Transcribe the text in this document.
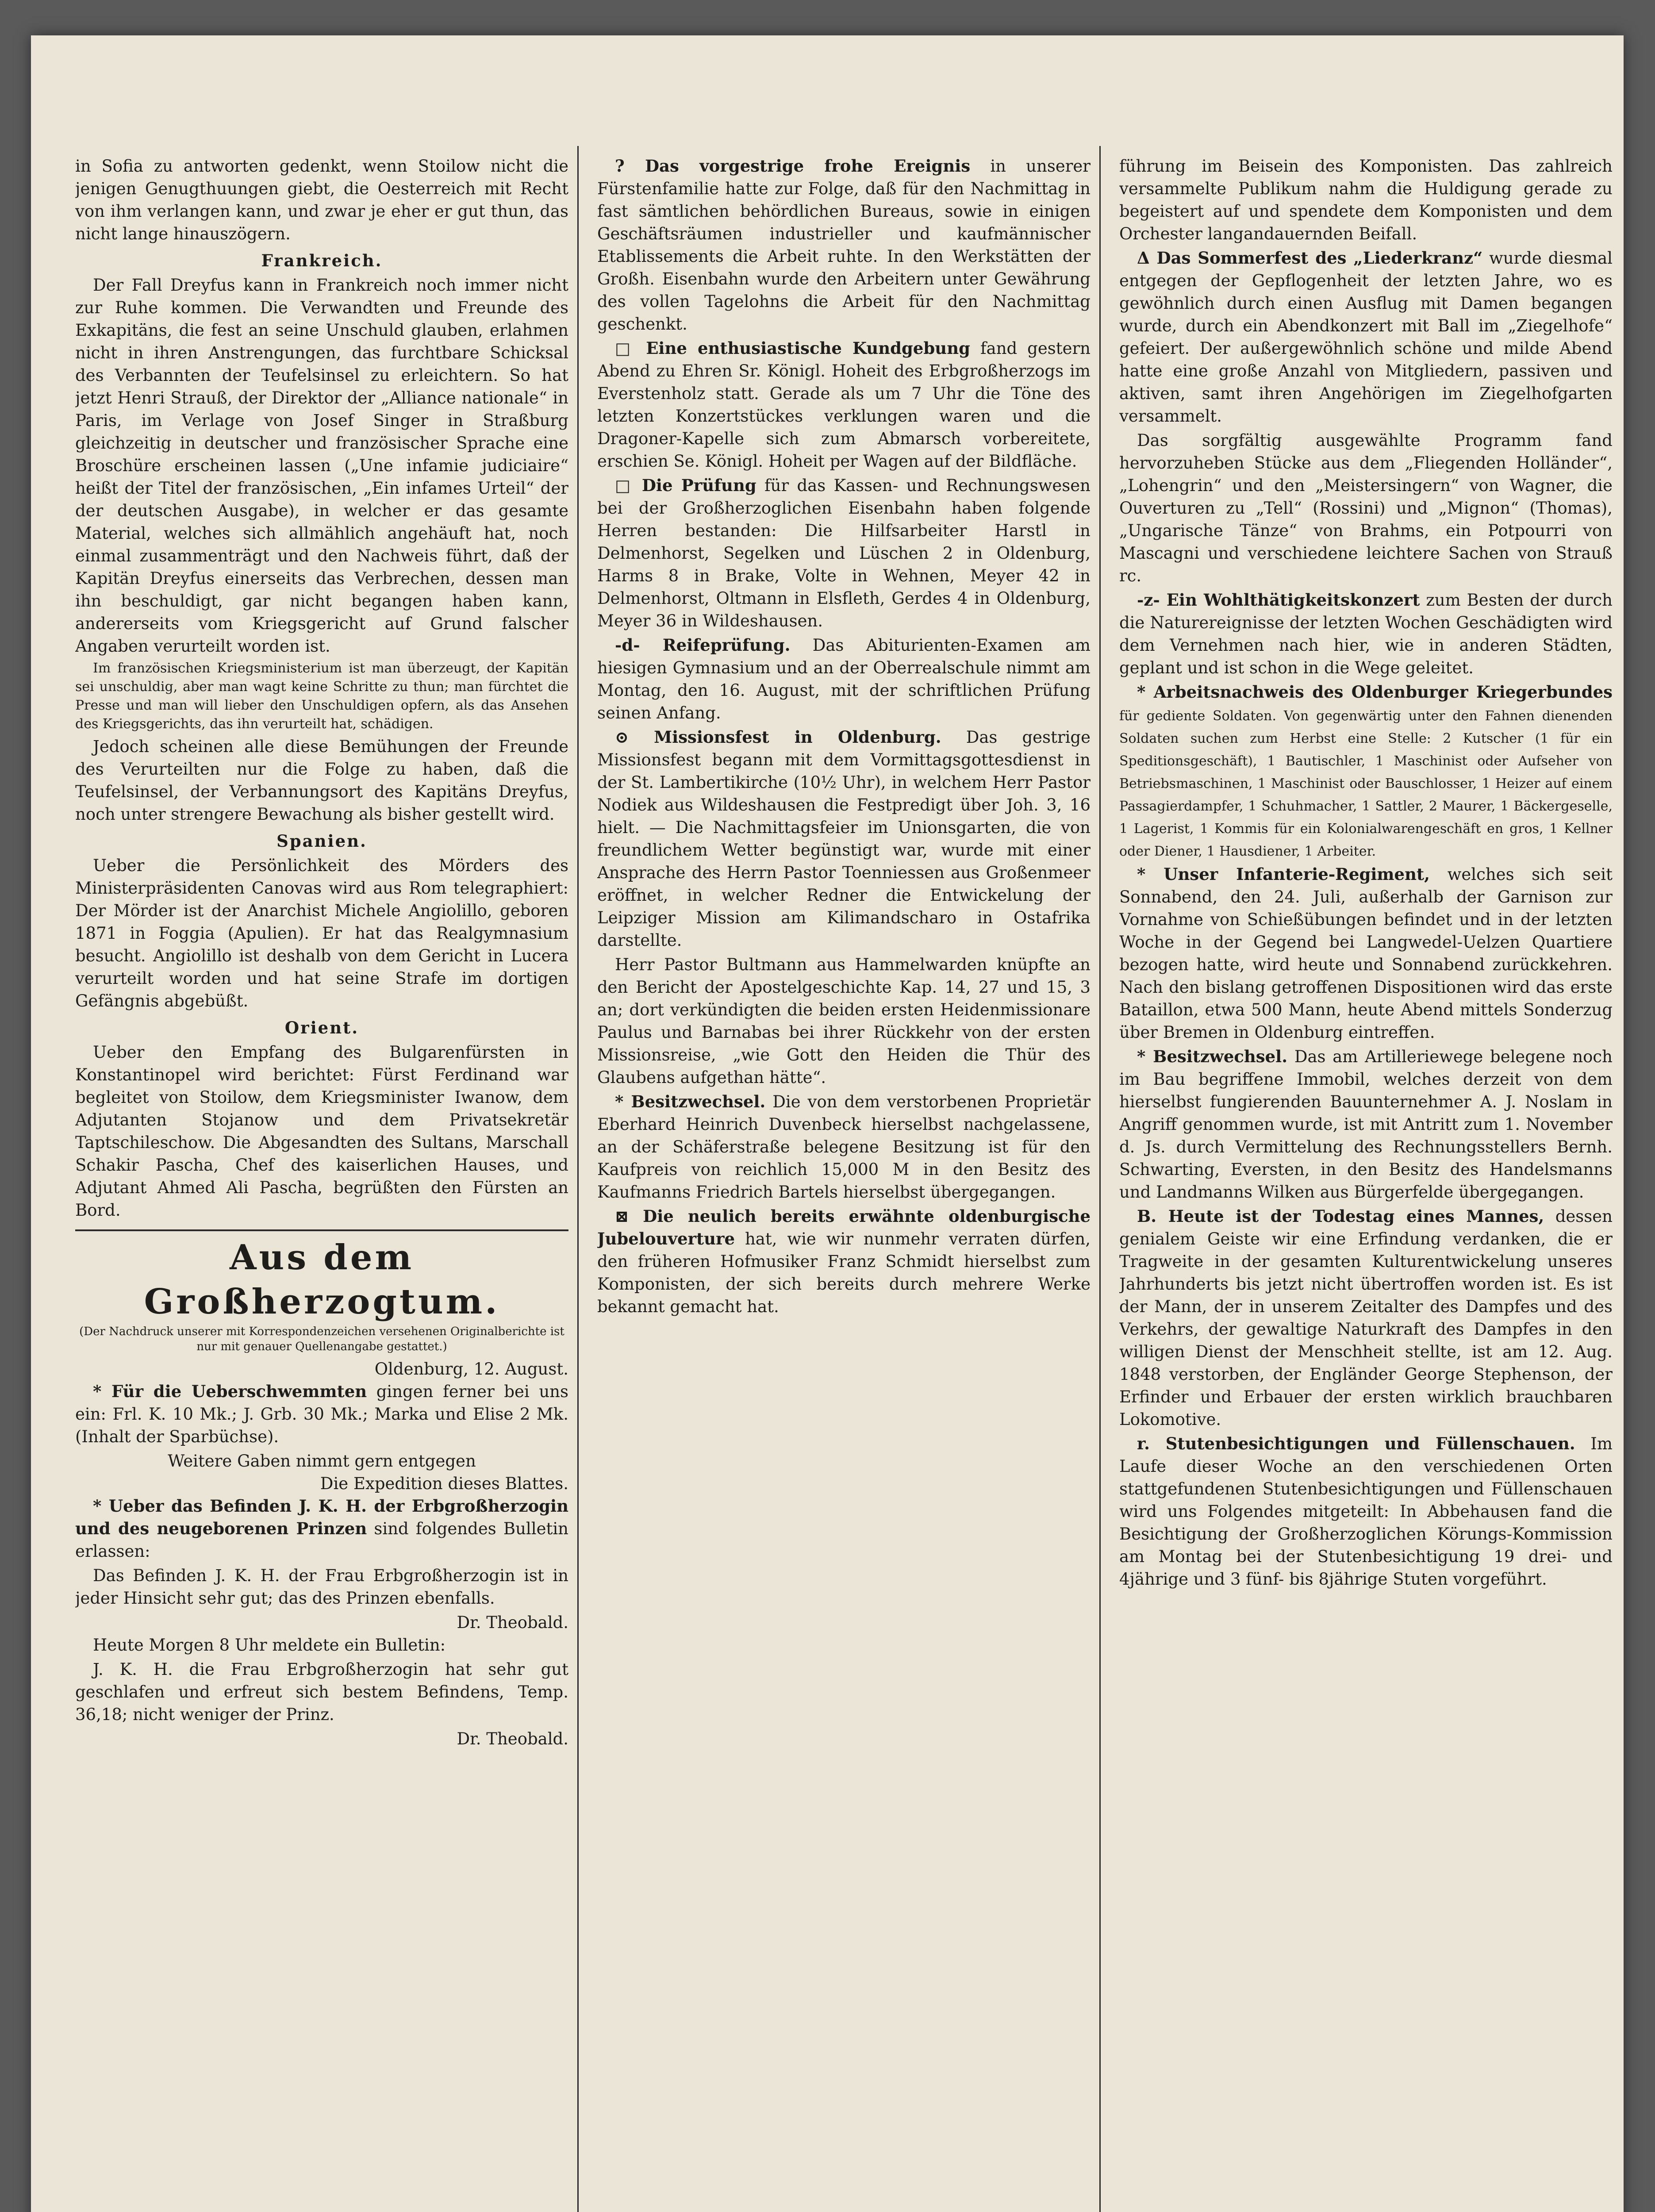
in Sofia zu antworten gedenkt, wenn Stoilow nicht die jenigen Genugthuungen giebt, die Oesterreich mit Recht von ihm verlangen kann, und zwar je eher er gut thun, das nicht lange hinauszögern.

Frankreich.

Der Fall Dreyfus kann in Frankreich noch immer nicht zur Ruhe kommen. Die Verwandten und Freunde des Exkapitäns, die fest an seine Unschuld glauben, erlahmen nicht in ihren Anstrengungen, das furchtbare Schicksal des Verbannten der Teufelsinsel zu erleichtern. So hat jetzt Henri Strauß, der Direktor der „Alliance nationale“ in Paris, im Verlage von Josef Singer in Straßburg gleichzeitig in deutscher und französischer Sprache eine Broschüre erscheinen lassen („Une infamie judiciaire“ heißt der Titel der französischen, „Ein infames Urteil“ der der deutschen Ausgabe), in welcher er das gesamte Material, welches sich allmählich angehäuft hat, noch einmal zusammenträgt und den Nachweis führt, daß der Kapitän Dreyfus einerseits das Verbrechen, dessen man ihn beschuldigt, gar nicht begangen haben kann, andererseits vom Kriegsgericht auf Grund falscher Angaben verurteilt worden ist.

Im französischen Kriegsministerium ist man überzeugt, der Kapitän sei unschuldig, aber man wagt keine Schritte zu thun; man fürchtet die Presse und man will lieber den Unschuldigen opfern, als das Ansehen des Kriegsgerichts, das ihn verurteilt hat, schädigen.

Jedoch scheinen alle diese Bemühungen der Freunde des Verurteilten nur die Folge zu haben, daß die Teufelsinsel, der Verbannungsort des Kapitäns Dreyfus, noch unter strengere Bewachung als bisher gestellt wird.

Spanien.

Ueber die Persönlichkeit des Mörders des Ministerpräsidenten Canovas wird aus Rom telegraphiert: Der Mörder ist der Anarchist Michele Angiolillo, geboren 1871 in Foggia (Apulien). Er hat das Realgymnasium besucht. Angiolillo ist deshalb von dem Gericht in Lucera verurteilt worden und hat seine Strafe im dortigen Gefängnis abgebüßt.

Orient.

Ueber den Empfang des Bulgarenfürsten in Konstantinopel wird berichtet: Fürst Ferdinand war begleitet von Stoilow, dem Kriegsminister Iwanow, dem Adjutanten Stojanow und dem Privatsekretär Taptschileschow. Die Abgesandten des Sultans, Marschall Schakir Pascha, Chef des kaiserlichen Hauses, und Adjutant Ahmed Ali Pascha, begrüßten den Fürsten an Bord.

Aus dem Großherzogtum.
(Der Nachdruck unserer mit Korrespondenzeichen versehenen Originalberichte ist nur mit genauer Quellenangabe gestattet.)
Oldenburg, 12. August.

* Für die Ueberschwemmten gingen ferner bei uns ein: Frl. K. 10 Mk.; J. Grb. 30 Mk.; Marka und Elise 2 Mk. (Inhalt der Sparbüchse).

Weitere Gaben nimmt gern entgegen
Die Expedition dieses Blattes.

* Ueber das Befinden J. K. H. der Erbgroßherzogin und des neugeborenen Prinzen sind folgendes Bulletin erlassen:

Das Befinden J. K. H. der Frau Erbgroßherzogin ist in jeder Hinsicht sehr gut; das des Prinzen ebenfalls.

Dr. Theobald.

Heute Morgen 8 Uhr meldete ein Bulletin:

J. K. H. die Frau Erbgroßherzogin hat sehr gut geschlafen und erfreut sich bestem Befindens, Temp. 36,18; nicht weniger der Prinz.

Dr. Theobald.

? Das vorgestrige frohe Ereignis in unserer Fürstenfamilie hatte zur Folge, daß für den Nachmittag in fast sämtlichen behördlichen Bureaus, sowie in einigen Geschäftsräumen industrieller und kaufmännischer Etablissements die Arbeit ruhte. In den Werkstätten der Großh. Eisenbahn wurde den Arbeitern unter Gewährung des vollen Tagelohns die Arbeit für den Nachmittag geschenkt.

□ Eine enthusiastische Kundgebung fand gestern Abend zu Ehren Sr. Königl. Hoheit des Erbgroßherzogs im Everstenholz statt. Gerade als um 7 Uhr die Töne des letzten Konzertstückes verklungen waren und die Dragoner-Kapelle sich zum Abmarsch vorbereitete, erschien Se. Königl. Hoheit per Wagen auf der Bildfläche.

□ Die Prüfung für das Kassen- und Rechnungswesen bei der Großherzoglichen Eisenbahn haben folgende Herren bestanden: Die Hilfsarbeiter Harstl in Delmenhorst, Segelken und Lüschen 2 in Oldenburg, Harms 8 in Brake, Volte in Wehnen, Meyer 42 in Delmenhorst, Oltmann in Elsfleth, Gerdes 4 in Oldenburg, Meyer 36 in Wildeshausen.

-d- Reifeprüfung. Das Abiturienten-Examen am hiesigen Gymnasium und an der Oberrealschule nimmt am Montag, den 16. August, mit der schriftlichen Prüfung seinen Anfang.

⊙ Missionsfest in Oldenburg. Das gestrige Missionsfest begann mit dem Vormittagsgottesdienst in der St. Lambertikirche (10½ Uhr), in welchem Herr Pastor Nodiek aus Wildeshausen die Festpredigt über Joh. 3, 16 hielt. — Die Nachmittagsfeier im Unionsgarten, die von freundlichem Wetter begünstigt war, wurde mit einer Ansprache des Herrn Pastor Toenniessen aus Großenmeer eröffnet, in welcher Redner die Entwickelung der Leipziger Mission am Kilimandscharo in Ostafrika darstellte.

Herr Pastor Bultmann aus Hammelwarden knüpfte an den Bericht der Apostelgeschichte Kap. 14, 27 und 15, 3 an; dort verkündigten die beiden ersten Heidenmissionare Paulus und Barnabas bei ihrer Rückkehr von der ersten Missionsreise, „wie Gott den Heiden die Thür des Glaubens aufgethan hätte“.

* Besitzwechsel. Die von dem verstorbenen Proprietär Eberhard Heinrich Duvenbeck hierselbst nachgelassene, an der Schäferstraße belegene Besitzung ist für den Kaufpreis von reichlich 15,000 M in den Besitz des Kaufmanns Friedrich Bartels hierselbst übergegangen.

⊠ Die neulich bereits erwähnte oldenburgische Jubelouverture hat, wie wir nunmehr verraten dürfen, den früheren Hofmusiker Franz Schmidt hierselbst zum Komponisten, der sich bereits durch mehrere Werke bekannt gemacht hat.

führung im Beisein des Komponisten. Das zahlreich versammelte Publikum nahm die Huldigung gerade zu begeistert auf und spendete dem Komponisten und dem Orchester langandauernden Beifall.

Δ Das Sommerfest des „Liederkranz“ wurde diesmal entgegen der Gepflogenheit der letzten Jahre, wo es gewöhnlich durch einen Ausflug mit Damen begangen wurde, durch ein Abendkonzert mit Ball im „Ziegelhofe“ gefeiert. Der außergewöhnlich schöne und milde Abend hatte eine große Anzahl von Mitgliedern, passiven und aktiven, samt ihren Angehörigen im Ziegelhofgarten versammelt.

Das sorgfältig ausgewählte Programm fand hervorzuheben Stücke aus dem „Fliegenden Holländer“, „Lohengrin“ und den „Meistersingern“ von Wagner, die Ouverturen zu „Tell“ (Rossini) und „Mignon“ (Thomas), „Ungarische Tänze“ von Brahms, ein Potpourri von Mascagni und verschiedene leichtere Sachen von Strauß rc.

-z- Ein Wohlthätigkeitskonzert zum Besten der durch die Naturereignisse der letzten Wochen Geschädigten wird dem Vernehmen nach hier, wie in anderen Städten, geplant und ist schon in die Wege geleitet.

* Arbeitsnachweis des Oldenburger Kriegerbundes für gediente Soldaten. Von gegenwärtig unter den Fahnen dienenden Soldaten suchen zum Herbst eine Stelle: 2 Kutscher (1 für ein Speditionsgeschäft), 1 Bautischler, 1 Maschinist oder Aufseher von Betriebsmaschinen, 1 Maschinist oder Bauschlosser, 1 Heizer auf einem Passagierdampfer, 1 Schuhmacher, 1 Sattler, 2 Maurer, 1 Bäckergeselle, 1 Lagerist, 1 Kommis für ein Kolonialwarengeschäft en gros, 1 Kellner oder Diener, 1 Hausdiener, 1 Arbeiter.

* Unser Infanterie-Regiment, welches sich seit Sonnabend, den 24. Juli, außerhalb der Garnison zur Vornahme von Schießübungen befindet und in der letzten Woche in der Gegend bei Langwedel-Uelzen Quartiere bezogen hatte, wird heute und Sonnabend zurückkehren. Nach den bislang getroffenen Dispositionen wird das erste Bataillon, etwa 500 Mann, heute Abend mittels Sonderzug über Bremen in Oldenburg eintreffen.

* Besitzwechsel. Das am Artilleriewege belegene noch im Bau begriffene Immobil, welches derzeit von dem hierselbst fungierenden Bauunternehmer A. J. Noslam in Angriff genommen wurde, ist mit Antritt zum 1. November d. Js. durch Vermittelung des Rechnungsstellers Bernh. Schwarting, Eversten, in den Besitz des Handelsmanns und Landmanns Wilken aus Bürgerfelde übergegangen.

B. Heute ist der Todestag eines Mannes, dessen genialem Geiste wir eine Erfindung verdanken, die er Tragweite in der gesamten Kulturentwickelung unseres Jahrhunderts bis jetzt nicht übertroffen worden ist. Es ist der Mann, der in unserem Zeitalter des Dampfes und des Verkehrs, der gewaltige Naturkraft des Dampfes in den willigen Dienst der Menschheit stellte, ist am 12. Aug. 1848 verstorben, der Engländer George Stephenson, der Erfinder und Erbauer der ersten wirklich brauchbaren Lokomotive.

r. Stutenbesichtigungen und Füllenschauen. Im Laufe dieser Woche an den verschiedenen Orten stattgefundenen Stutenbesichtigungen und Füllenschauen wird uns Folgendes mitgeteilt: In Abbehausen fand die Besichtigung der Großherzoglichen Körungs-Kommission am Montag bei der Stutenbesichtigung 19 drei- und 4jährige und 3 fünf- bis 8jährige Stuten vorgeführt.
